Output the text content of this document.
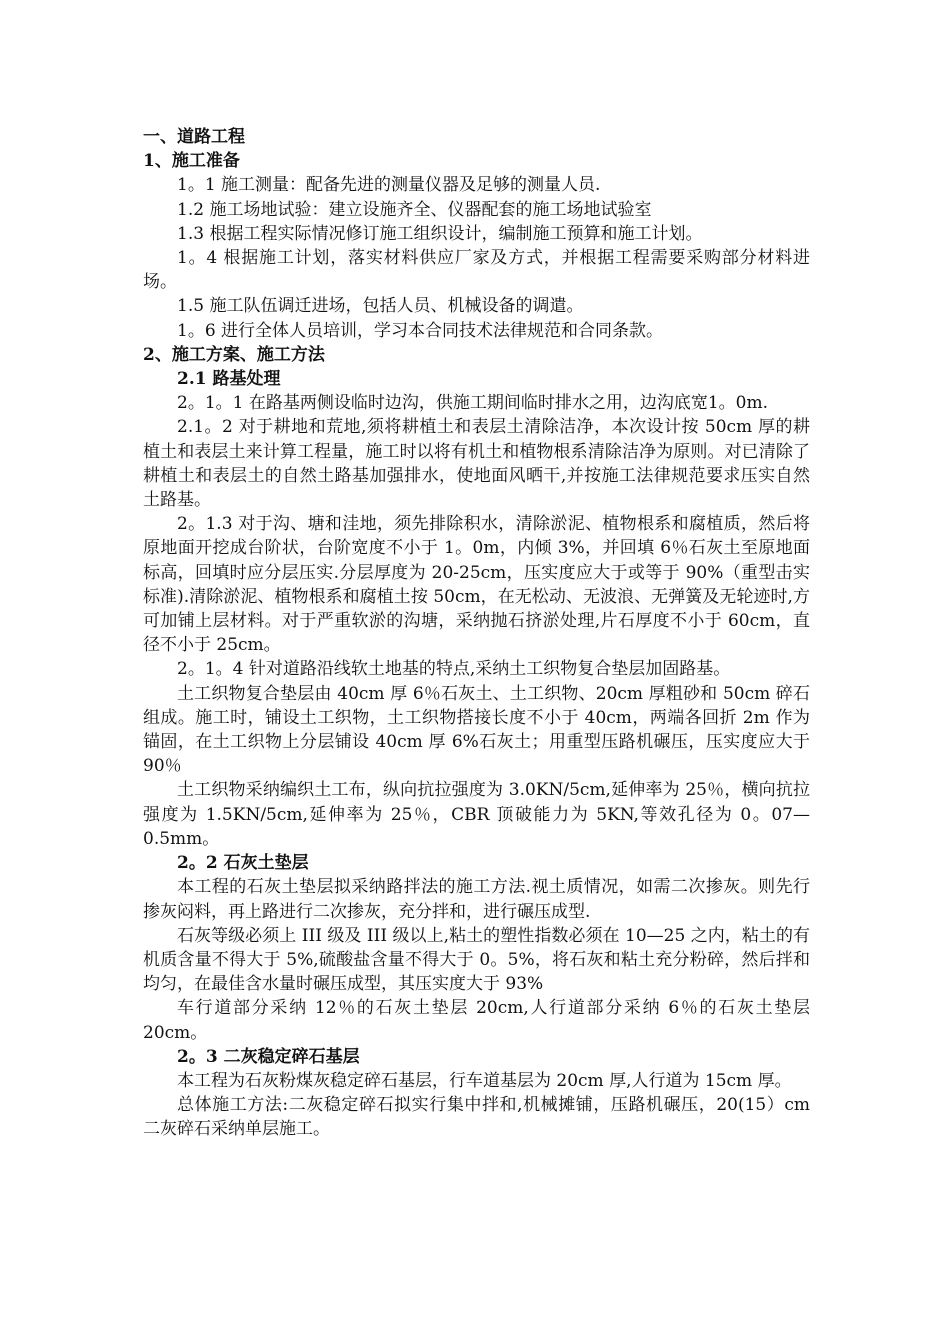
一、道路工程
1、施工准备
1。1 施工测量：配备先进的测量仪器及足够的测量人员.
1.2 施工场地试验：建立设施齐全、仪器配套的施工场地试验室
1.3 根据工程实际情况修订施工组织设计，编制施工预算和施工计划。
1。4 根据施工计划，落实材料供应厂家及方式，并根据工程需要采购部分材料进场。
1.5 施工队伍调迁进场，包括人员、机械设备的调遣。
1。6 进行全体人员培训，学习本合同技术法律规范和合同条款。
2、施工方案、施工方法
2.1 路基处理
2。1。1 在路基两侧设临时边沟，供施工期间临时排水之用，边沟底宽1。0m.
2.1。2 对于耕地和荒地,须将耕植土和表层土清除洁净，本次设计按 50cm 厚的耕植土和表层土来计算工程量，施工时以将有机土和植物根系清除洁净为原则。对已清除了耕植土和表层土的自然土路基加强排水，使地面风晒干,并按施工法律规范要求压实自然土路基。
2。1.3 对于沟、塘和洼地，须先排除积水，清除淤泥、植物根系和腐植质，然后将原地面开挖成台阶状，台阶宽度不小于 1。0m，内倾 3%，并回填 6％石灰土至原地面标高，回填时应分层压实.分层厚度为 20-25cm，压实度应大于或等于 90%（重型击实标准).清除淤泥、植物根系和腐植土按 50cm，在无松动、无波浪、无弹簧及无轮迹时,方可加铺上层材料。对于严重软淤的沟塘，采纳抛石挤淤处理,片石厚度不小于 60cm，直径不小于 25cm。
2。1。4 针对道路沿线软土地基的特点,采纳土工织物复合垫层加固路基。
土工织物复合垫层由 40cm 厚 6％石灰土、土工织物、20cm 厚粗砂和 50cm 碎石组成。施工时，铺设土工织物，土工织物搭接长度不小于 40cm，两端各回折 2m 作为锚固，在土工织物上分层铺设 40cm 厚 6%石灰土；用重型压路机碾压，压实度应大于 90％
土工织物采纳编织土工布，纵向抗拉强度为 3.0KN/5cm,延伸率为 25％，横向抗拉强度为 1.5KN/5cm,延伸率为 25％，CBR 顶破能力为 5KN,等效孔径为 0。07—0.5mm。
2。2 石灰土垫层
本工程的石灰土垫层拟采纳路拌法的施工方法.视土质情况，如需二次掺灰。则先行掺灰闷料，再上路进行二次掺灰，充分拌和，进行碾压成型.
石灰等级必须上 III 级及 III 级以上,粘土的塑性指数必须在 10—25 之内，粘土的有机质含量不得大于 5%,硫酸盐含量不得大于 0。5%，将石灰和粘土充分粉碎，然后拌和均匀，在最佳含水量时碾压成型，其压实度大于 93%
车行道部分采纳 12％的石灰土垫层 20cm,人行道部分采纳 6％的石灰土垫层 20cm。
2。3 二灰稳定碎石基层
本工程为石灰粉煤灰稳定碎石基层，行车道基层为 20cm 厚,人行道为 15cm 厚。
总体施工方法:二灰稳定碎石拟实行集中拌和,机械摊铺，压路机碾压，20(15）cm 二灰碎石采纳单层施工。
